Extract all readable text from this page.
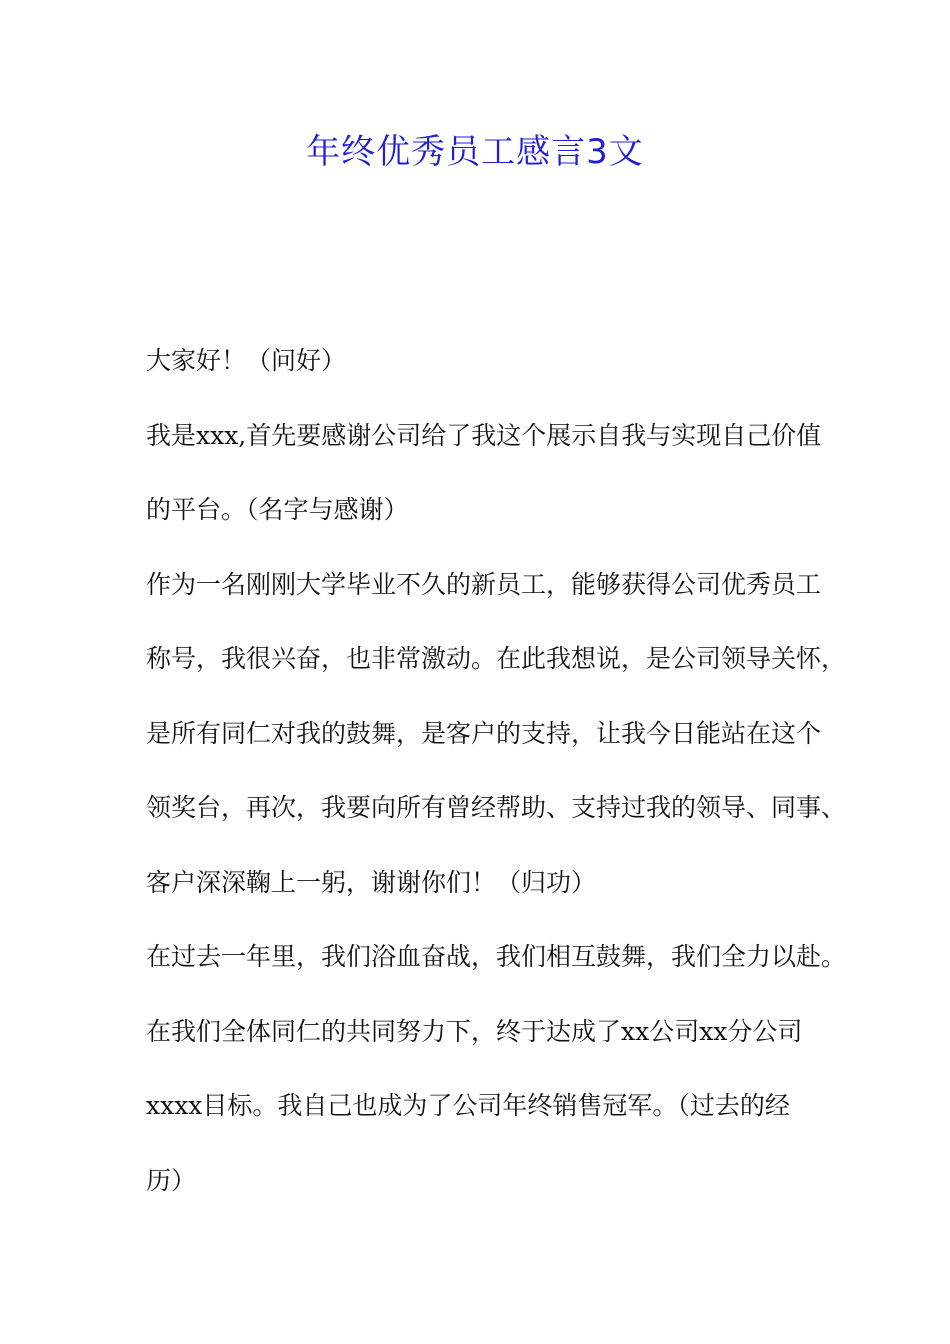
年终优秀员工感言3文
大家好！（问好）
我是xxx,首先要感谢公司给了我这个展示自我与实现自己价值
的平台。（名字与感谢）
作为一名刚刚大学毕业不久的新员工，能够获得公司优秀员工
称号，我很兴奋，也非常激动。在此我想说，是公司领导关怀，
是所有同仁对我的鼓舞，是客户的支持，让我今日能站在这个
领奖台，再次，我要向所有曾经帮助、支持过我的领导、同事、
客户深深鞠上一躬，谢谢你们！（归功）
在过去一年里，我们浴血奋战，我们相互鼓舞，我们全力以赴。
在我们全体同仁的共同努力下，终于达成了xx公司xx分公司
xxxx目标。我自己也成为了公司年终销售冠军。（过去的经
历）
